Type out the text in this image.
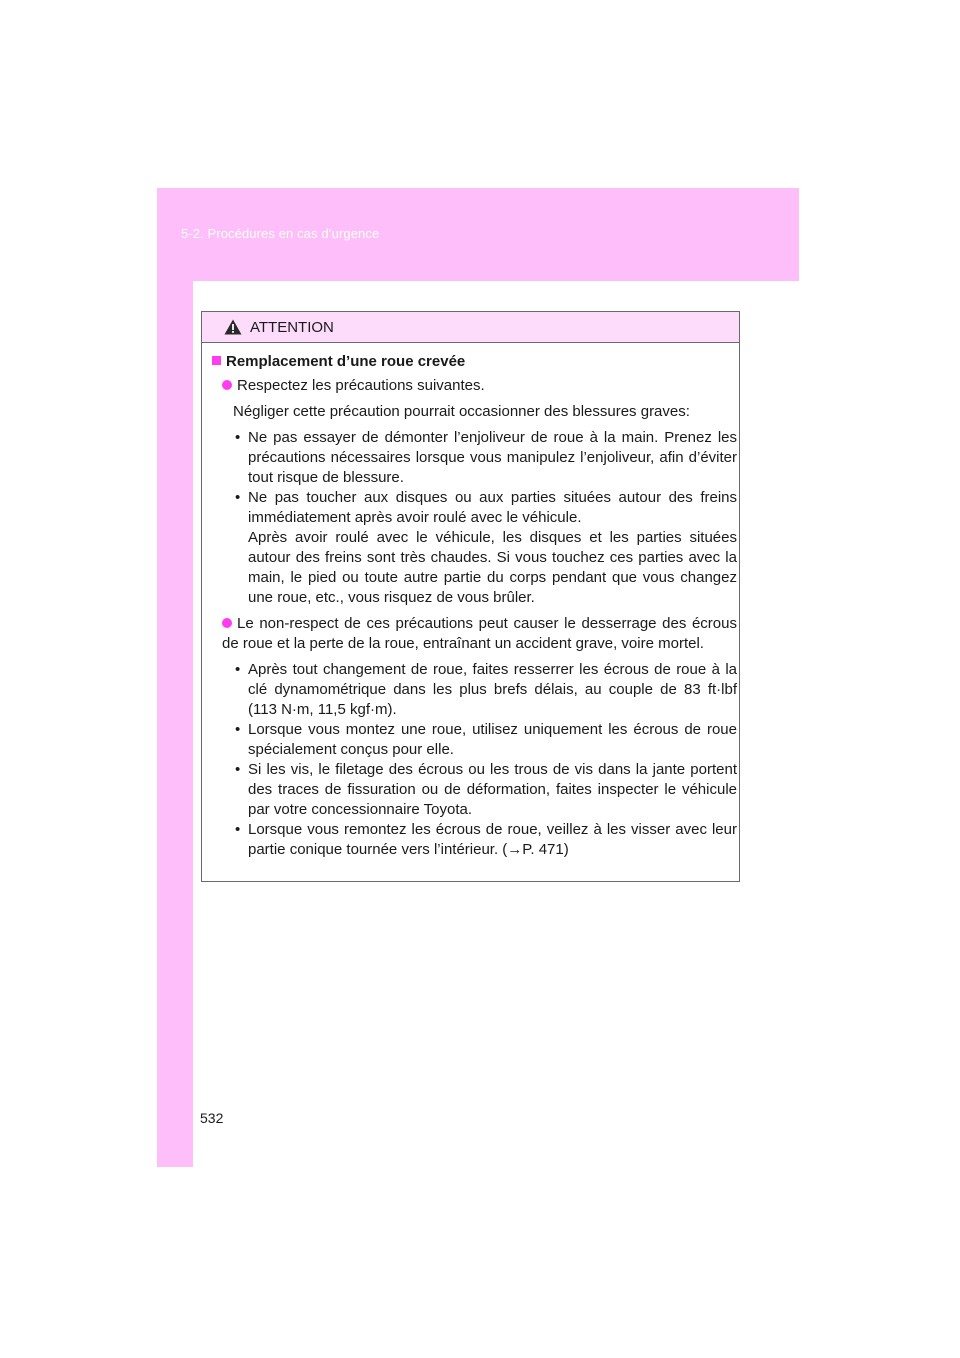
5-2. Procédures en cas d’urgence
ATTENTION
Remplacement d’une roue crevée
Respectez les précautions suivantes.
Négliger cette précaution pourrait occasionner des blessures graves:
• Ne pas essayer de démonter l’enjoliveur de roue à la main. Prenez les précautions nécessaires lorsque vous manipulez l’enjoliveur, afin d’éviter tout risque de blessure.
• Ne pas toucher aux disques ou aux parties situées autour des freins immédiatement après avoir roulé avec le véhicule.
Après avoir roulé avec le véhicule, les disques et les parties situées autour des freins sont très chaudes. Si vous touchez ces parties avec la main, le pied ou toute autre partie du corps pendant que vous changez une roue, etc., vous risquez de vous brûler.
Le non-respect de ces précautions peut causer le desserrage des écrous de roue et la perte de la roue, entraînant un accident grave, voire mortel.
• Après tout changement de roue, faites resserrer les écrous de roue à la clé dynamométrique dans les plus brefs délais, au couple de 83 ft·lbf (113 N·m, 11,5 kgf·m).
• Lorsque vous montez une roue, utilisez uniquement les écrous de roue spécialement conçus pour elle.
• Si les vis, le filetage des écrous ou les trous de vis dans la jante portent des traces de fissuration ou de déformation, faites inspecter le véhicule par votre concessionnaire Toyota.
• Lorsque vous remontez les écrous de roue, veillez à les visser avec leur partie conique tournée vers l’intérieur. (→P. 471)
532
